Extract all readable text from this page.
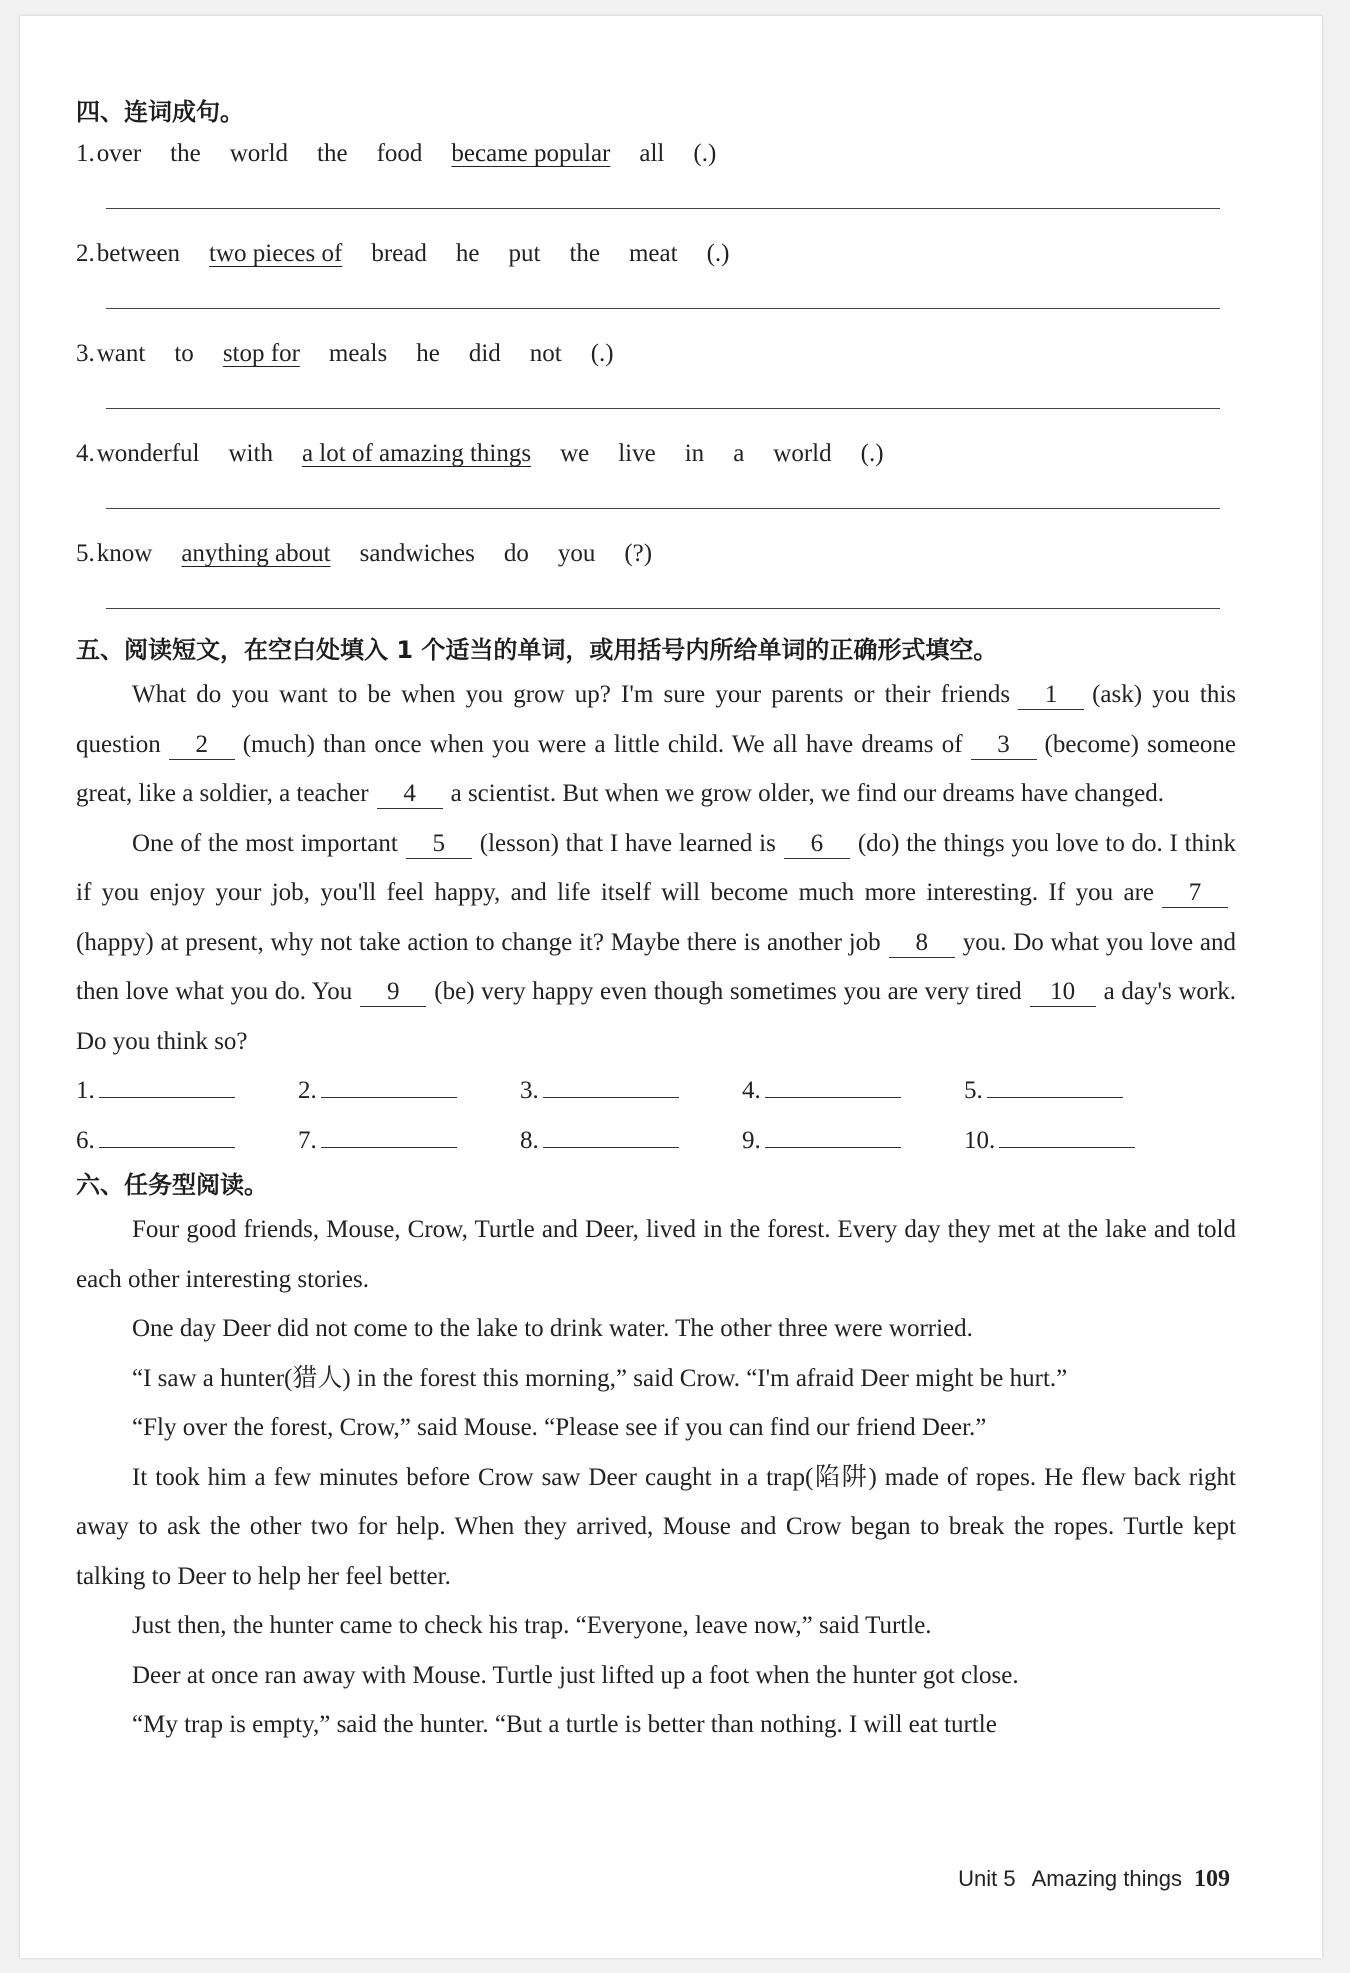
四、连词成句。
1. over the world the food became popular all (.)
2. between two pieces of bread he put the meat (.)
3. want to stop for meals he did not (.)
4. wonderful with a lot of amazing things we live in a world (.)
5. know anything about sandwiches do you (?)
五、阅读短文，在空白处填入 1 个适当的单词，或用括号内所给单词的正确形式填空。

What do you want to be when you grow up? I'm sure your parents or their friends 1 (ask) you this question 2 (much) than once when you were a little child. We all have dreams of 3 (become) someone great, like a soldier, a teacher 4 a scientist. But when we grow older, we find our dreams have changed.

One of the most important 5 (lesson) that I have learned is 6 (do) the things you love to do. I think if you enjoy your job, you'll feel happy, and life itself will become much more interesting. If you are 7(happy) at present, why not take action to change it? Maybe there is another job 8 you. Do what you love and then love what you do. You 9 (be) very happy even though sometimes you are very tired 10 a day's work. Do you think so?

1.	2.	3.	4.	5.
6.	7.	8.	9.	10.
六、任务型阅读。

Four good friends, Mouse, Crow, Turtle and Deer, lived in the forest. Every day they met at the lake and told each other interesting stories.

One day Deer did not come to the lake to drink water. The other three were worried.

“I saw a hunter(猎人) in the forest this morning,” said Crow. “I'm afraid Deer might be hurt.”

“Fly over the forest, Crow,” said Mouse. “Please see if you can find our friend Deer.”

It took him a few minutes before Crow saw Deer caught in a trap(陷阱) made of ropes. He flew back right away to ask the other two for help. When they arrived, Mouse and Crow began to break the ropes. Turtle kept talking to Deer to help her feel better.

Just then, the hunter came to check his trap. “Everyone, leave now,” said Turtle.

Deer at once ran away with Mouse. Turtle just lifted up a foot when the hunter got close.

“My trap is empty,” said the hunter. “But a turtle is better than nothing. I will eat turtle

Unit 5 Amazing things 109
